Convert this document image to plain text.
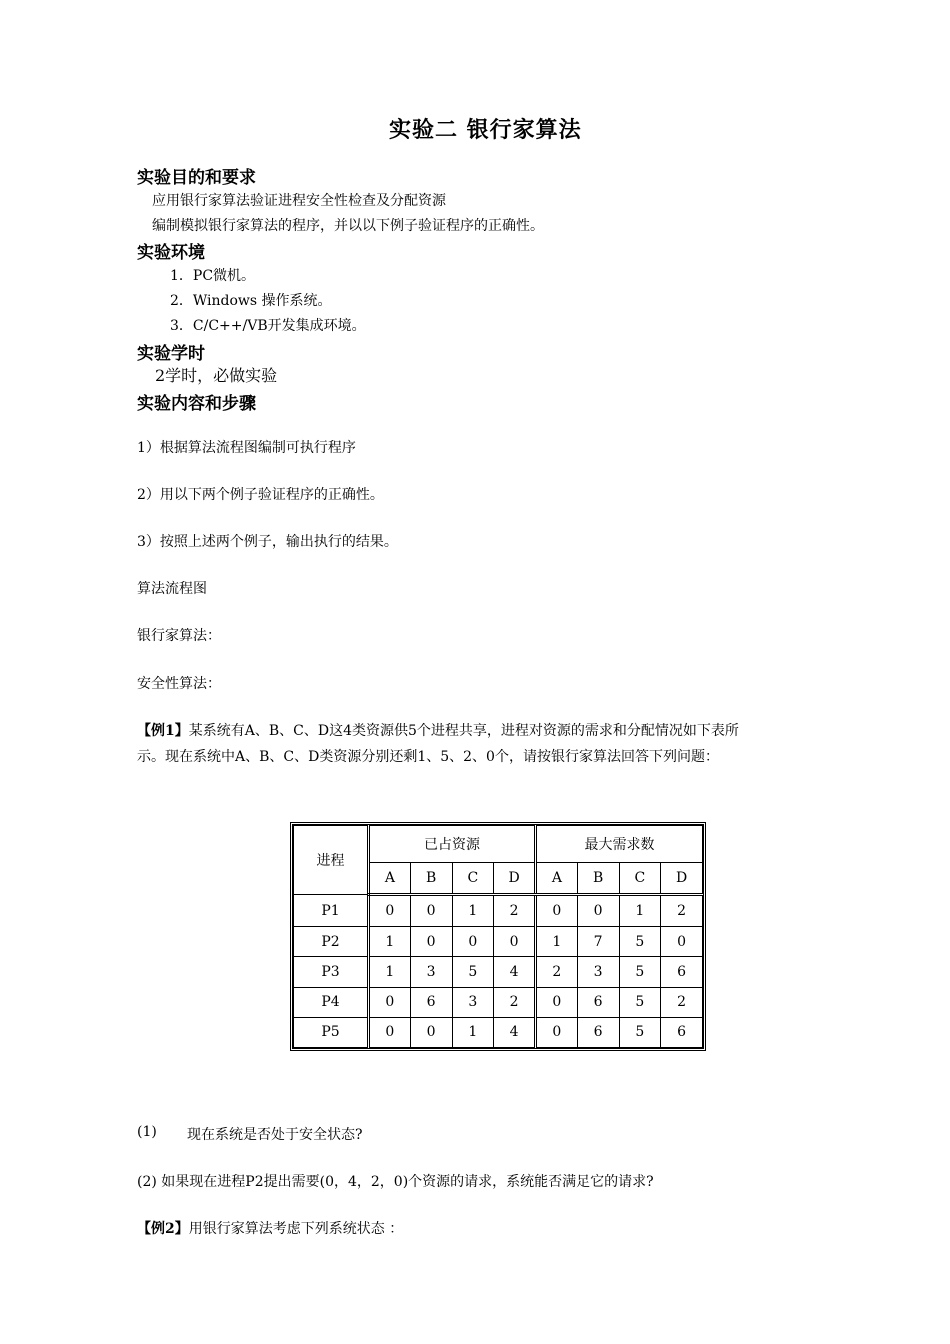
实验二 银行家算法
实验目的和要求
应用银行家算法验证进程安全性检查及分配资源
编制模拟银行家算法的程序，并以以下例子验证程序的正确性。
实验环境
1．PC微机。
2．Windows 操作系统。
3．C/C++/VB开发集成环境。
实验学时
2学时，必做实验
实验内容和步骤
1）根据算法流程图编制可执行程序
2）用以下两个例子验证程序的正确性。
3）按照上述两个例子，输出执行的结果。
算法流程图
银行家算法：
安全性算法：
【例1】某系统有A、B、C、D这4类资源供5个进程共享，进程对资源的需求和分配情况如下表所
示。现在系统中A、B、C、D类资源分别还剩1、5、2、0个，请按银行家算法回答下列问题：
进程	已占资源				最大需求数			
	A	B	C	D	A	B	C	D
P1	0	0	1	2	0	0	1	2
P2	1	0	0	0	1	7	5	0
P3	1	3	5	4	2	3	5	6
P4	0	6	3	2	0	6	5	2
P5	0	0	1	4	0	6	5	6
(1) 现在系统是否处于安全状态?
(2) 如果现在进程P2提出需要(0，4，2，0)个资源的请求，系统能否满足它的请求?
【例2】用银行家算法考虑下列系统状态 ：
